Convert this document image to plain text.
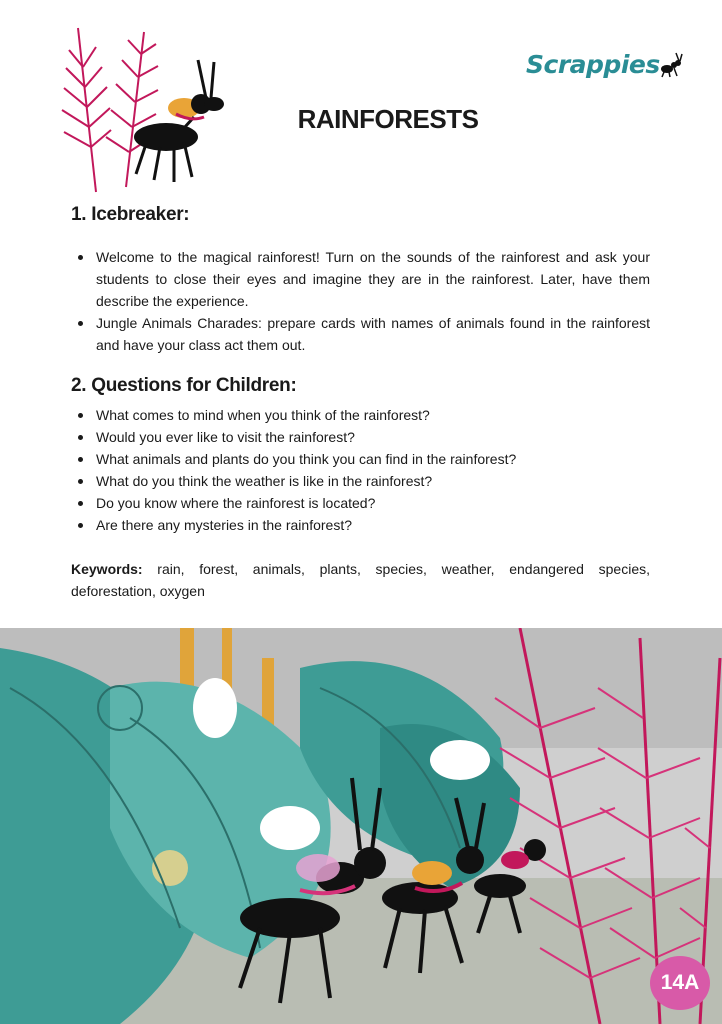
Scrappies
RAINFORESTS
1. Icebreaker:
Welcome to the magical rainforest! Turn on the sounds of the rainforest and ask your students to close their eyes and imagine they are in the rainforest. Later, have them describe the experience.
Jungle Animals Charades: prepare cards with names of animals found in the rainforest and have your class act them out.
2. Questions for Children:
What comes to mind when you think of the rainforest?
Would you ever like to visit the rainforest?
What animals and plants do you think you can find in the rainforest?
What do you think the weather is like in the rainforest?
Do you know where the rainforest is located?
Are there any mysteries in the rainforest?
Keywords: rain, forest, animals, plants, species, weather, endangered species, deforestation, oxygen
14A
